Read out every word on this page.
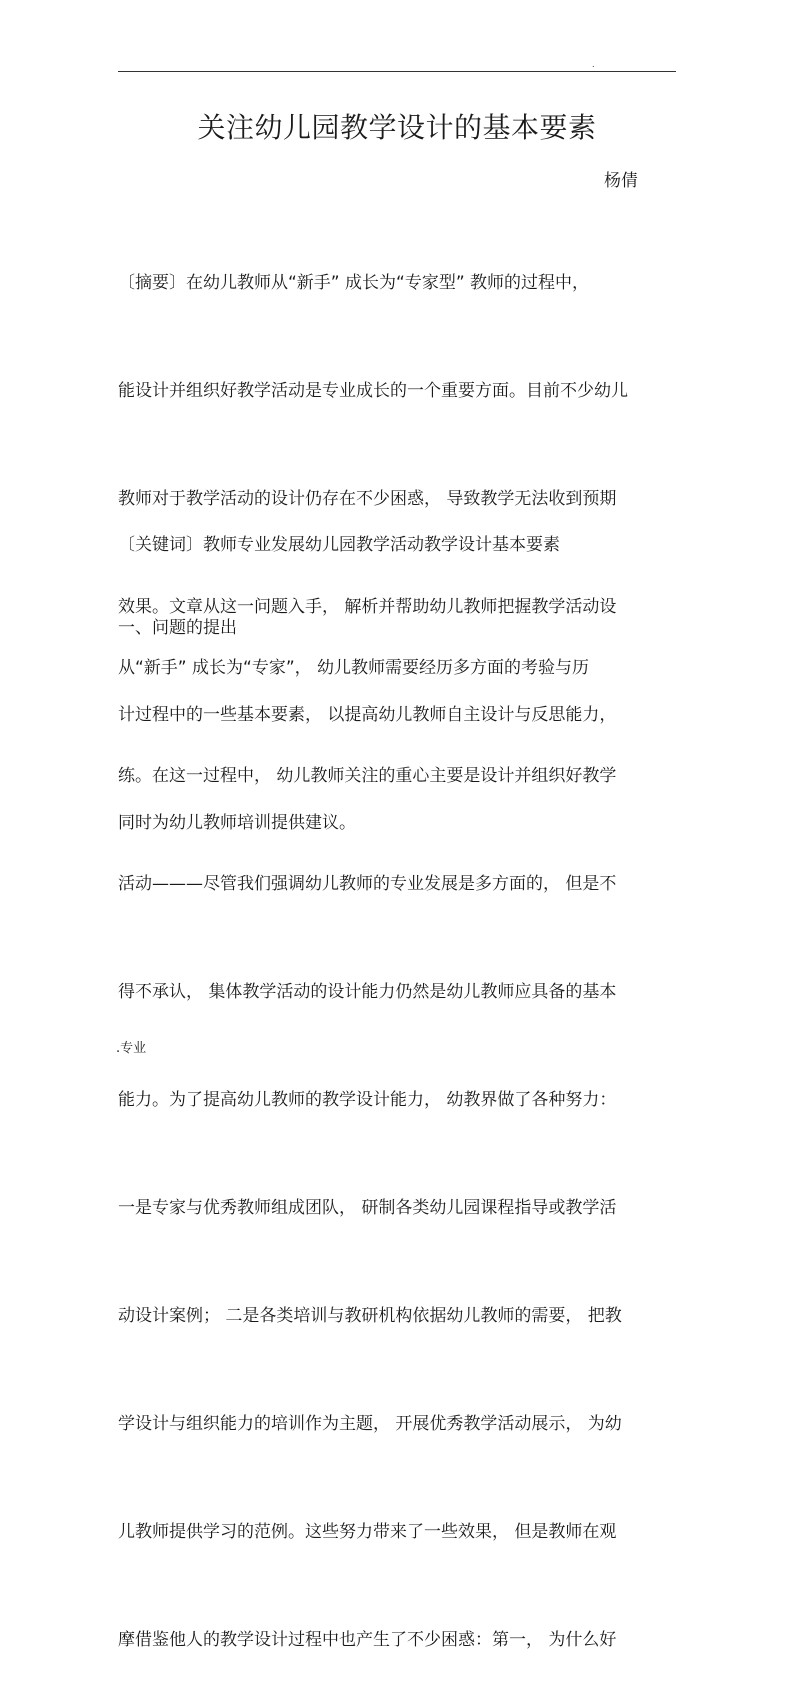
.
关注幼儿园教学设计的基本要素
杨倩

〔摘要〕在幼儿教师从“新手” 成长为“专家型” 教师的过程中，

能设计并组织好教学活动是专业成长的一个重要方面。目前不少幼儿

教师对于教学活动的设计仍存在不少困惑， 导致教学无法收到预期

效果。文章从这一问题入手， 解析并帮助幼儿教师把握教学活动设

计过程中的一些基本要素， 以提高幼儿教师自主设计与反思能力，

同时为幼儿教师培训提供建议。

〔关键词〕教师专业发展幼儿园教学活动教学设计基本要素

一、问题的提出

从“新手” 成长为“专家”， 幼儿教师需要经历多方面的考验与历

练。在这一过程中， 幼儿教师关注的重心主要是设计并组织好教学

活动———尽管我们强调幼儿教师的专业发展是多方面的， 但是不

得不承认， 集体教学活动的设计能力仍然是幼儿教师应具备的基本

能力。为了提高幼儿教师的教学设计能力， 幼教界做了各种努力：

一是专家与优秀教师组成团队， 研制各类幼儿园课程指导或教学活

动设计案例； 二是各类培训与教研机构依据幼儿教师的需要， 把教

学设计与组织能力的培训作为主题， 开展优秀教学活动展示， 为幼

儿教师提供学习的范例。这些努力带来了一些效果， 但是教师在观

摩借鉴他人的教学设计过程中也产生了不少困惑：第一， 为什么好

.专业
